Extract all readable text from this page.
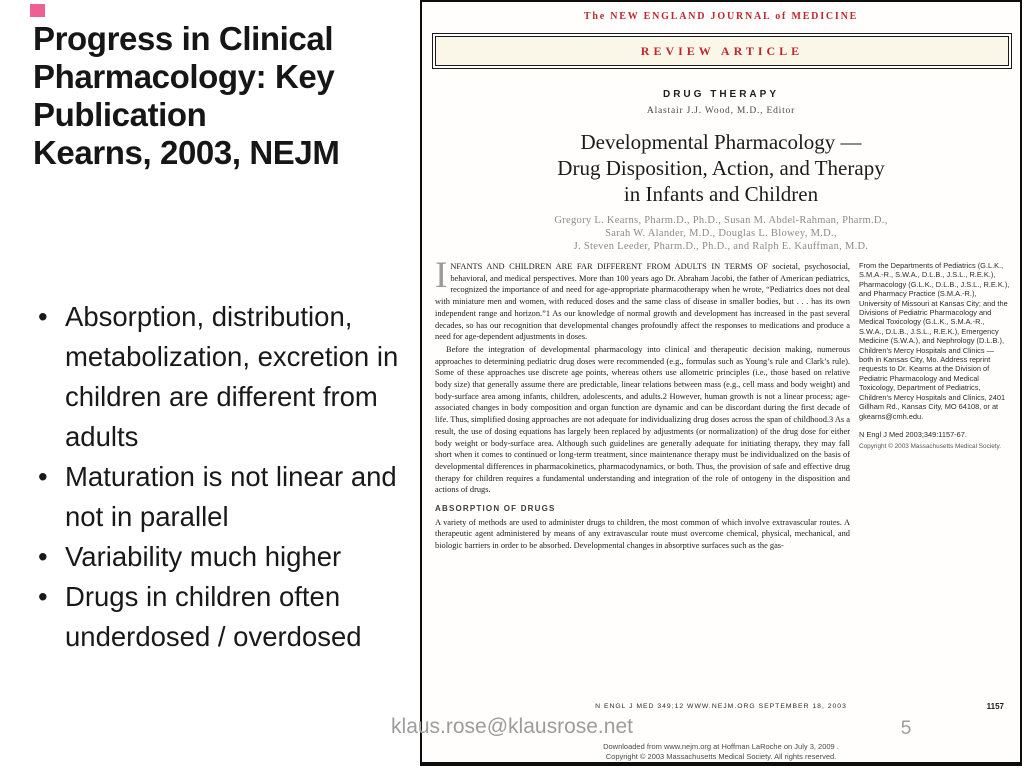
Progress in Clinical Pharmacology: Key Publication
Kearns, 2003, NEJM
• Absorption, distribution, metabolization, excretion in children are different from adults
• Maturation is not linear and not in parallel
• Variability much higher
• Drugs in children often underdosed / overdosed
The NEW ENGLAND JOURNAL of MEDICINE
REVIEW ARTICLE
DRUG THERAPY
Alastair J.J. Wood, M.D., Editor
Developmental Pharmacology —
Drug Disposition, Action, and Therapy
in Infants and Children
Gregory L. Kearns, Pharm.D., Ph.D., Susan M. Abdel-Rahman, Pharm.D.,
Sarah W. Alander, M.D., Douglas L. Blowey, M.D.,
J. Steven Leeder, Pharm.D., Ph.D., and Ralph E. Kauffman, M.D.

INFANTS AND CHILDREN ARE FAR DIFFERENT FROM ADULTS IN TERMS OF societal, psychosocial, behavioral, and medical perspectives. More than 100 years ago Dr. Abraham Jacobi, the father of American pediatrics, recognized the importance of and need for age-appropriate pharmacotherapy when he wrote, “Pediatrics does not deal with miniature men and women, with reduced doses and the same class of disease in smaller bodies, but . . . has its own independent range and horizon.”1 As our knowledge of normal growth and development has increased in the past several decades, so has our recognition that developmental changes profoundly affect the responses to medications and produce a need for age-dependent adjustments in doses.

Before the integration of developmental pharmacology into clinical and therapeutic decision making, numerous approaches to determining pediatric drug doses were recommended (e.g., formulas such as Young’s rule and Clark’s rule). Some of these approaches use discrete age points, whereas others use allometric principles (i.e., those based on relative body size) that generally assume there are predictable, linear relations between mass (e.g., cell mass and body weight) and body-surface area among infants, children, adolescents, and adults.2 However, human growth is not a linear process; age-associated changes in body composition and organ function are dynamic and can be discordant during the first decade of life. Thus, simplified dosing approaches are not adequate for individualizing drug doses across the span of childhood.3 As a result, the use of dosing equations has largely been replaced by adjustments (or normalization) of the drug dose for either body weight or body-surface area. Although such guidelines are generally adequate for initiating therapy, they may fall short when it comes to continued or long-term treatment, since maintenance therapy must be individualized on the basis of developmental differences in pharmacokinetics, pharmacodynamics, or both. Thus, the provision of safe and effective drug therapy for children requires a fundamental understanding and integration of the role of ontogeny in the disposition and actions of drugs.

ABSORPTION OF DRUGS

A variety of methods are used to administer drugs to children, the most common of which involve extravascular routes. A therapeutic agent administered by means of any extravascular route must overcome chemical, physical, mechanical, and biologic barriers in order to be absorbed. Developmental changes in absorptive surfaces such as the gas-

From the Departments of Pediatrics (G.L.K., S.M.A.-R., S.W.A., D.L.B., J.S.L., R.E.K.), Pharmacology (G.L.K., D.L.B., J.S.L., R.E.K.), and Pharmacy Practice (S.M.A.-R.), University of Missouri at Kansas City; and the Divisions of Pediatric Pharmacology and Medical Toxicology (G.L.K., S.M.A.-R., S.W.A., D.L.B., J.S.L., R.E.K.), Emergency Medicine (S.W.A.), and Nephrology (D.L.B.), Children’s Mercy Hospitals and Clinics — both in Kansas City, Mo. Address reprint requests to Dr. Kearns at the Division of Pediatric Pharmacology and Medical Toxicology, Department of Pediatrics, Children’s Mercy Hospitals and Clinics, 2401 Gillham Rd., Kansas City, MO 64108, or at gkearns@cmh.edu.

N Engl J Med 2003;349:1157-67.

Copyright © 2003 Massachusetts Medical Society.

N ENGL J MED 349;12 WWW.NEJM.ORG SEPTEMBER 18, 2003	1157
Downloaded from www.nejm.org at Hoffman LaRoche on July 3, 2009 .
Copyright © 2003 Massachusetts Medical Society. All rights reserved.
klaus.rose@klausrose.net	5
